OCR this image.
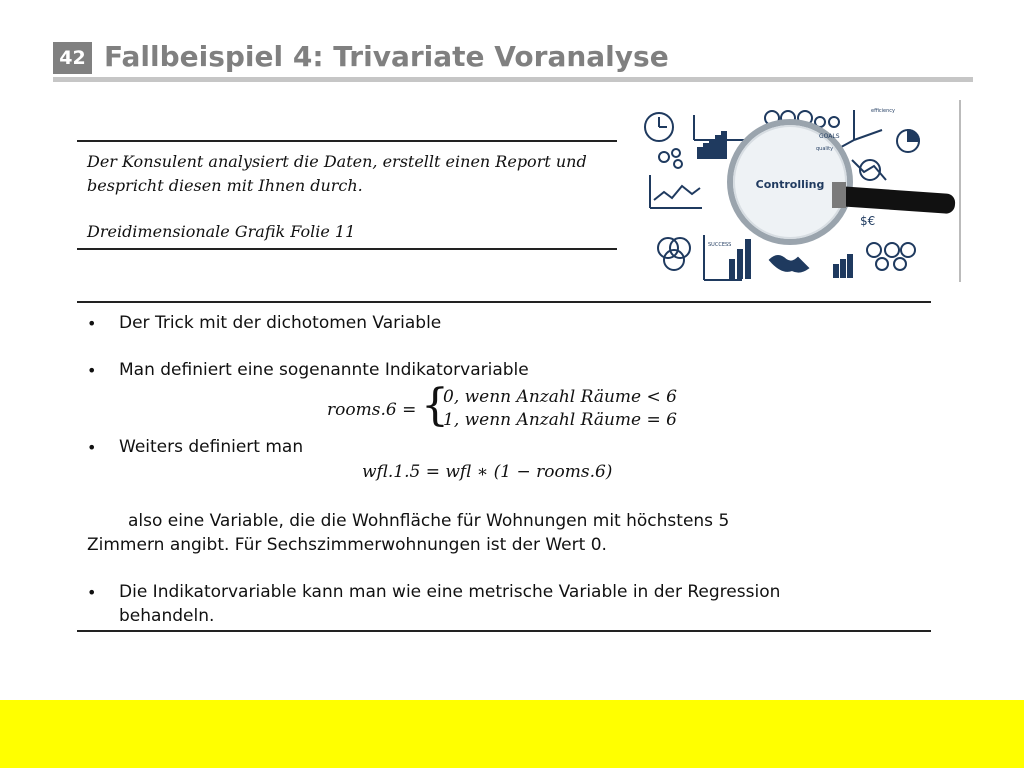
42 Fallbeispiel 4: Trivariate Voranalyse
Der Konsulent analysiert die Daten, erstellt einen Report und
bespricht diesen mit Ihnen durch.
Dreidimensionale Grafik Folie 11
Controlling
GOALS
efficiency
quality
SUCCESS
$€
• Der Trick mit der dichotomen Variable
• Man definiert eine sogenannte Indikatorvariable
rooms.6 = {
0, wenn Anzahl Räume < 6
1, wenn Anzahl Räume = 6
• Weiters definiert man
wfl.1.5 = wfl ∗ (1 − rooms.6)
also eine Variable, die die Wohnfläche für Wohnungen mit höchstens 5
Zimmern angibt. Für Sechszimmerwohnungen ist der Wert 0.
• Die Indikatorvariable kann man wie eine metrische Variable in der Regression
behandeln.
